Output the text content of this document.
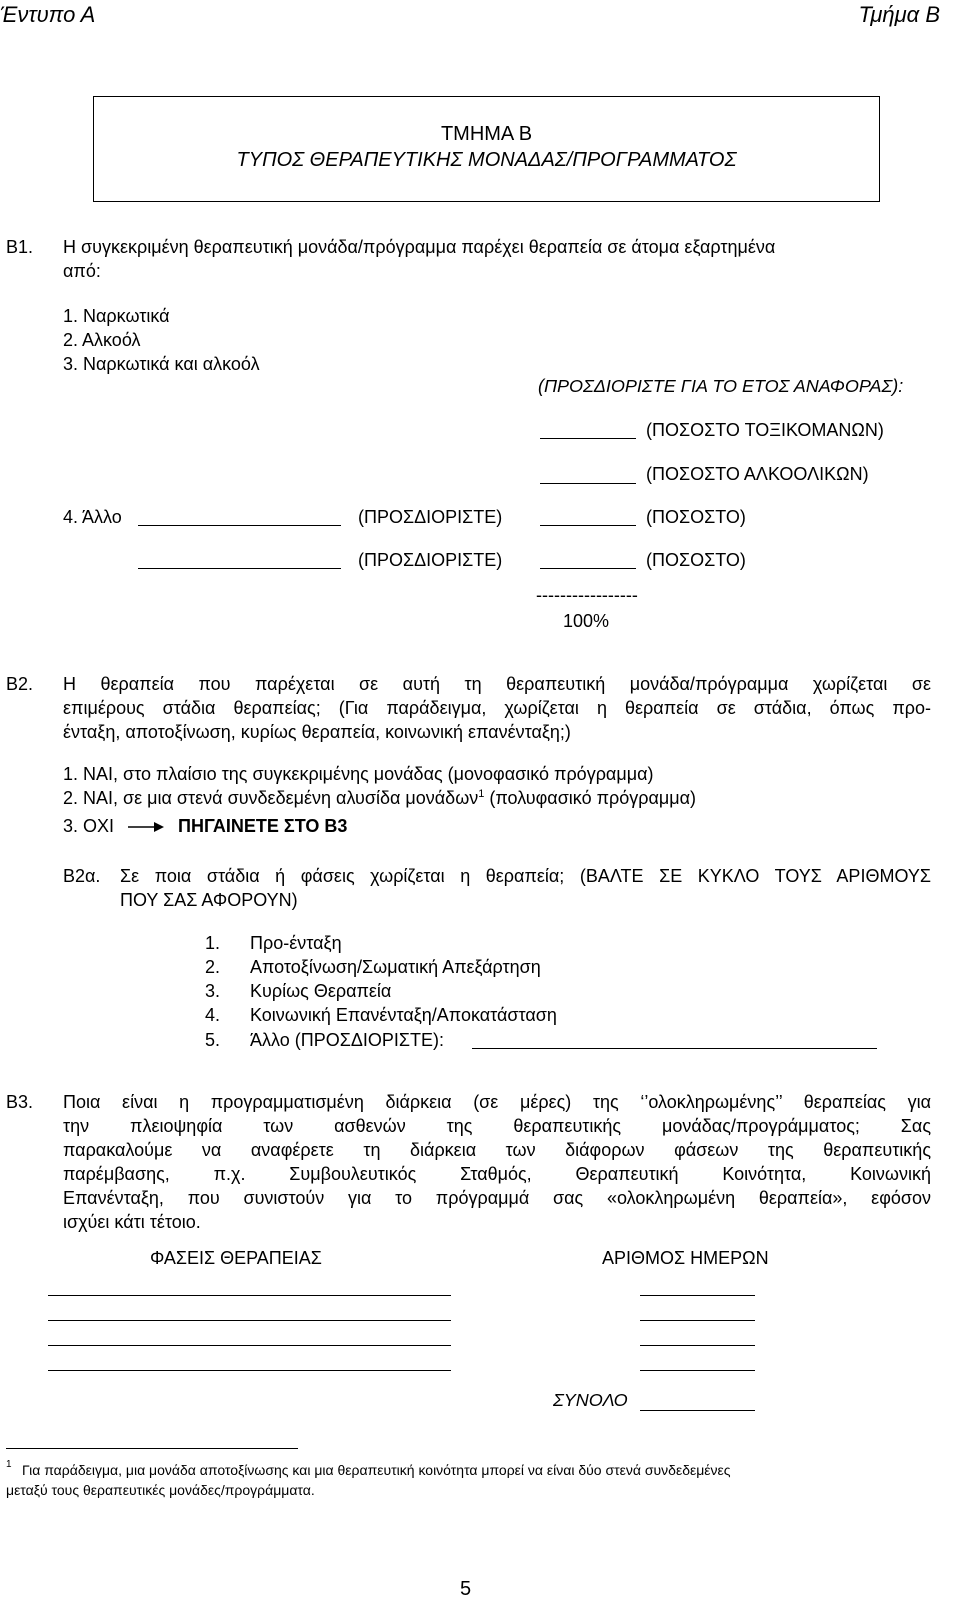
Έντυπο Α	Τμήμα Β
ΤΜΗΜΑ Β
ΤΥΠΟΣ ΘΕΡΑΠΕΥΤΙΚΗΣ ΜΟΝΑΔΑΣ/ΠΡΟΓΡΑΜΜΑΤΟΣ
Β1. Η συγκεκριμένη θεραπευτική μονάδα/πρόγραμμα παρέχει θεραπεία σε άτομα εξαρτημένα
από:
1. Ναρκωτικά
2. Αλκοόλ
3. Ναρκωτικά και αλκοόλ
(ΠΡΟΣΔΙΟΡΙΣΤΕ ΓΙΑ ΤΟ ΕΤΟΣ ΑΝΑΦΟΡΑΣ):
(ΠΟΣΟΣΤΟ ΤΟΞΙΚΟΜΑΝΩΝ)
(ΠΟΣΟΣΤΟ ΑΛΚΟΟΛΙΚΩΝ)
4. Άλλο	(ΠΡΟΣΔΙΟΡΙΣΤΕ)	(ΠΟΣΟΣΤΟ)
(ΠΡΟΣΔΙΟΡΙΣΤΕ)	(ΠΟΣΟΣΤΟ)
-----------------
100%
Β2. Η θεραπεία που παρέχεται σε αυτή τη θεραπευτική μονάδα/πρόγραμμα χωρίζεται σε
επιμέρους στάδια θεραπείας; (Για παράδειγμα, χωρίζεται η θεραπεία σε στάδια, όπως προ-
ένταξη, αποτοξίνωση, κυρίως θεραπεία, κοινωνική επανένταξη;)
1. ΝΑΙ, στο πλαίσιο της συγκεκριμένης μονάδας (μονοφασικό πρόγραμμα)
2. ΝΑΙ, σε μια στενά συνδεδεμένη αλυσίδα μονάδων$^1$ (πολυφασικό πρόγραμμα)
3. ΟΧΙ	ΠΗΓΑΙΝΕΤΕ ΣΤΟ Β3
Β2α. Σε ποια στάδια ή φάσεις χωρίζεται η θεραπεία; (ΒΑΛΤΕ ΣΕ ΚΥΚΛΟ ΤΟΥΣ ΑΡΙΘΜΟΥΣ
ΠΟΥ ΣΑΣ ΑΦΟΡΟΥΝ)
1. Προ-ένταξη
2. Αποτοξίνωση/Σωματική Απεξάρτηση
3. Κυρίως Θεραπεία
4. Κοινωνική Επανένταξη/Αποκατάσταση
5. Άλλο (ΠΡΟΣΔΙΟΡΙΣΤΕ):
Β3. Ποια είναι η προγραμματισμένη διάρκεια (σε μέρες) της ‘’ολοκληρωμένης’’ θεραπείας για
την πλειοψηφία των ασθενών της θεραπευτικής μονάδας/προγράμματος; Σας
παρακαλούμε να αναφέρετε τη διάρκεια των διάφορων φάσεων της θεραπευτικής
παρέμβασης, π.χ. Συμβουλευτικός Σταθμός, Θεραπευτική Κοινότητα, Κοινωνική
Επανένταξη, που συνιστούν για το πρόγραμμά σας «ολοκληρωμένη θεραπεία», εφόσον
ισχύει κάτι τέτοιο.
ΦΑΣΕΙΣ ΘΕΡΑΠΕΙΑΣ	ΑΡΙΘΜΟΣ ΗΜΕΡΩΝ
ΣΥΝΟΛΟ
1 Για παράδειγμα, μια μονάδα αποτοξίνωσης και μια θεραπευτική κοινότητα μπορεί να είναι δύο στενά συνδεδεμένες
μεταξύ τους θεραπευτικές μονάδες/προγράμματα.
5
